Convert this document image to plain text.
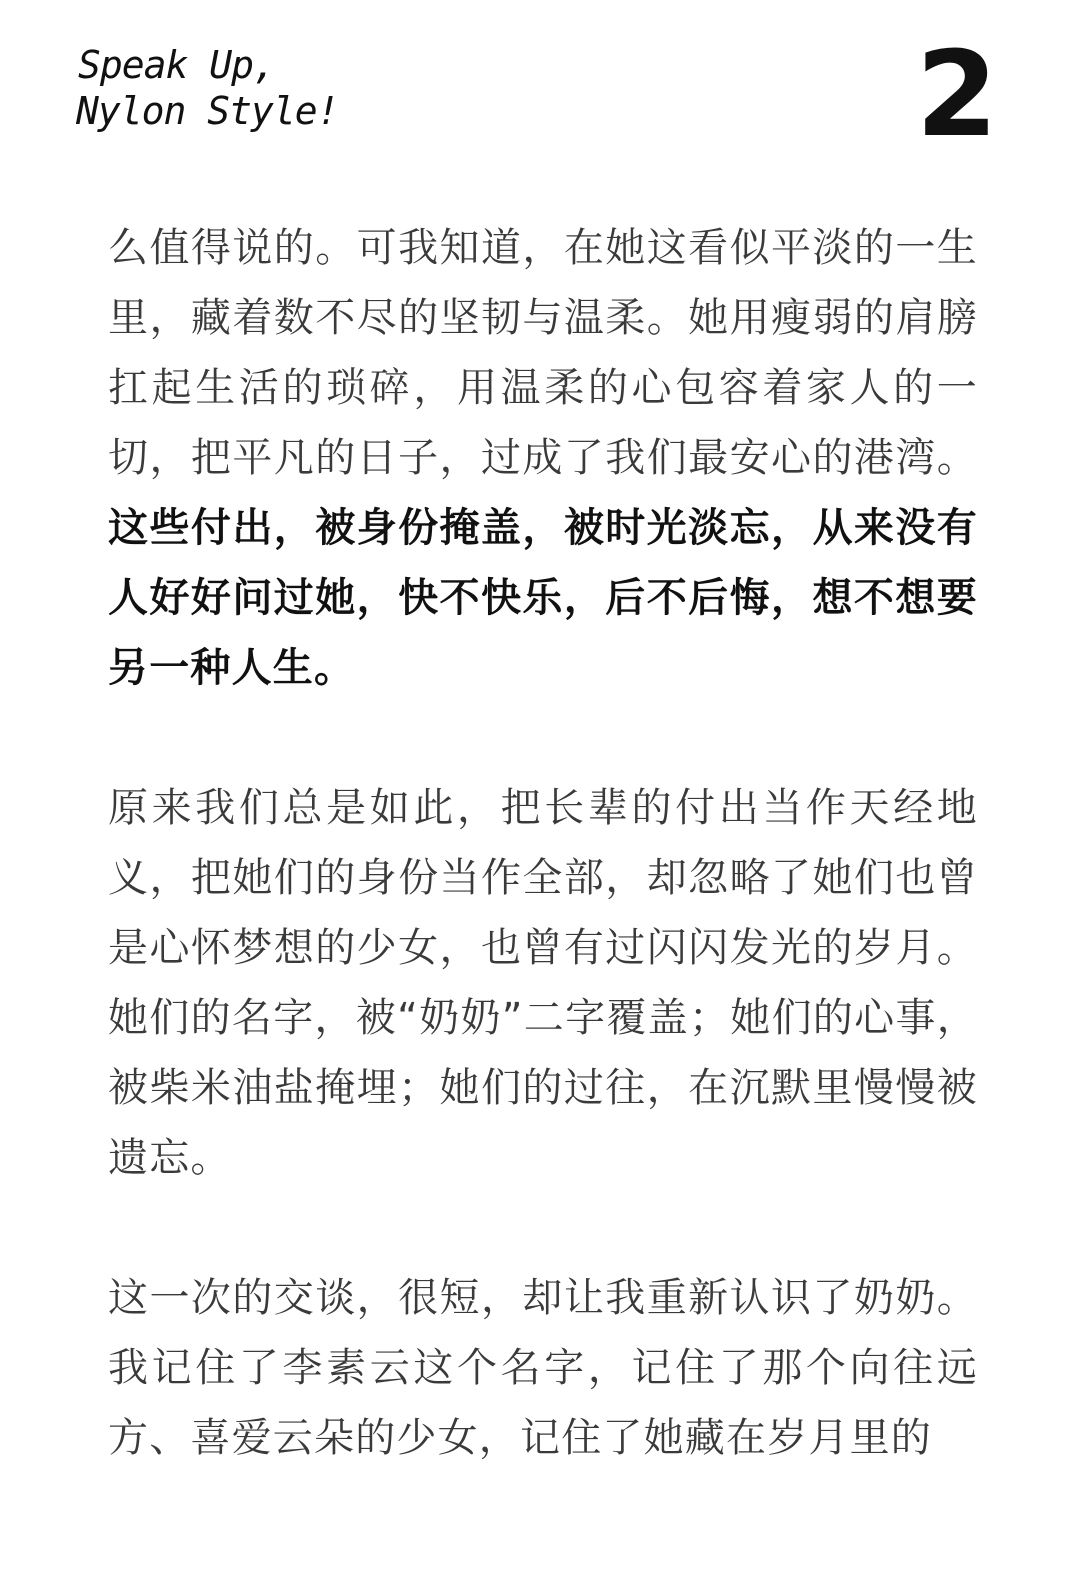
Speak Up,
Nylon Style!	2

么值得说的。可我知道，在她这看似平淡的一生里，藏着数不尽的坚韧与温柔。她用瘦弱的肩膀扛起生活的琐碎，用温柔的心包容着家人的一切，把平凡的日子，过成了我们最安心的港湾。这些付出，被身份掩盖，被时光淡忘，从来没有人好好问过她，快不快乐，后不后悔，想不想要另一种人生。

原来我们总是如此，把长辈的付出当作天经地义，把她们的身份当作全部，却忽略了她们也曾是心怀梦想的少女，也曾有过闪闪发光的岁月。她们的名字，被“奶奶”二字覆盖；她们的心事，被柴米油盐掩埋；她们的过往，在沉默里慢慢被遗忘。

这一次的交谈，很短，却让我重新认识了奶奶。我记住了李素云这个名字，记住了那个向往远方、喜爱云朵的少女，记住了她藏在岁月里的
